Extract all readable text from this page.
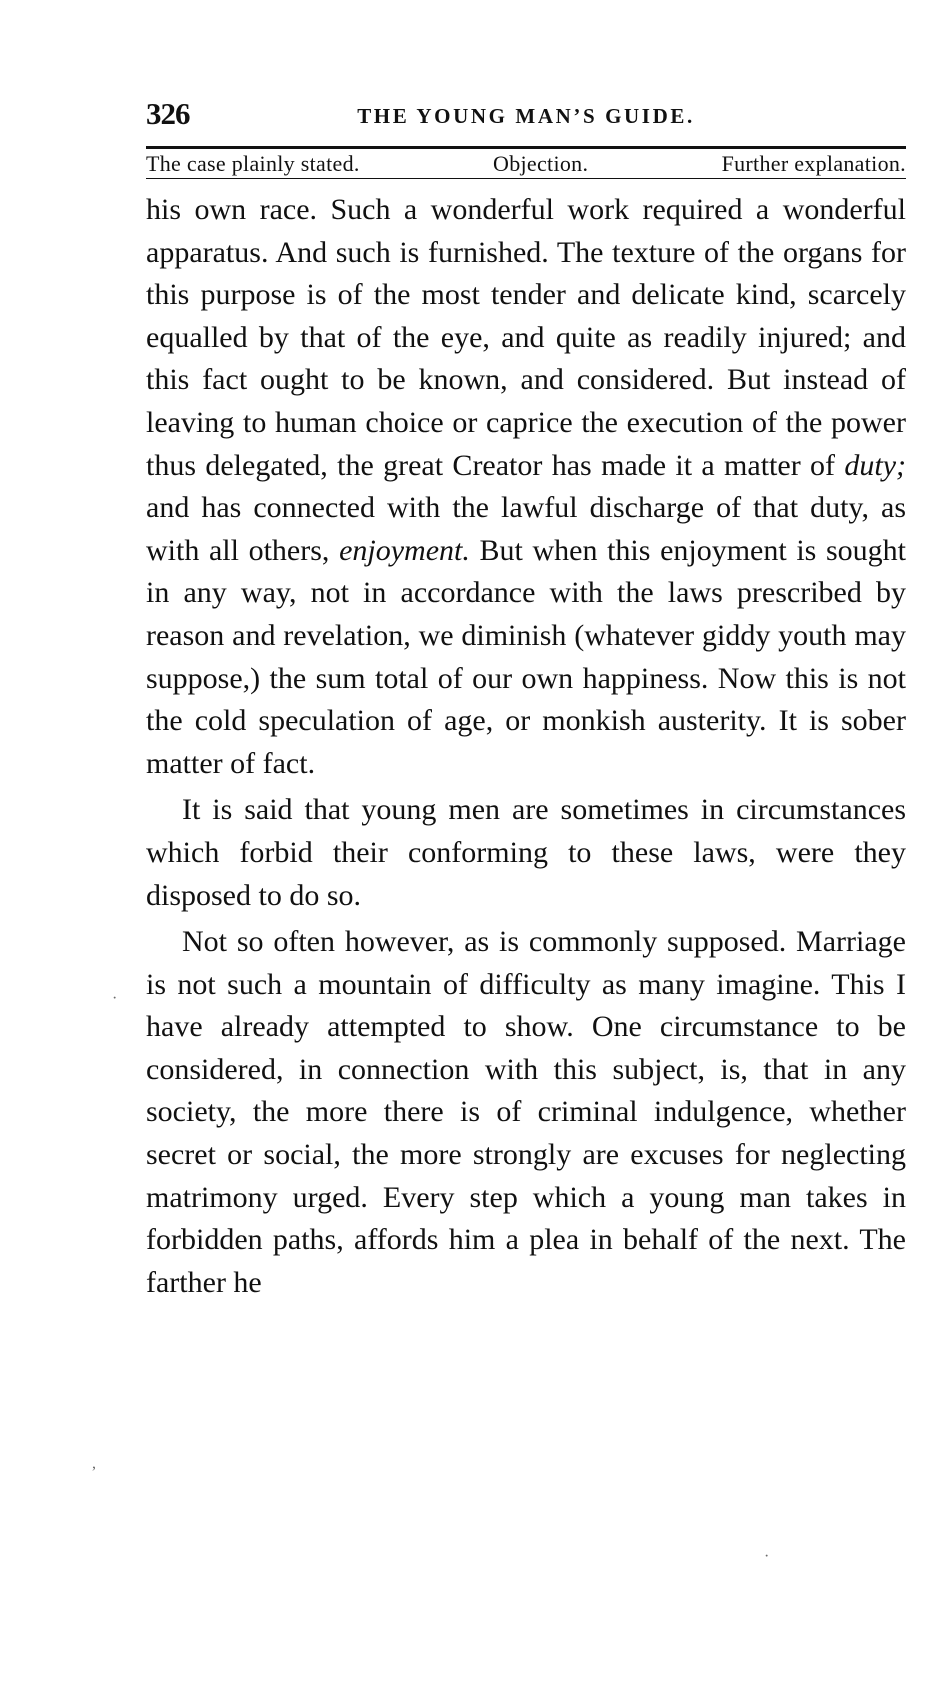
326	THE YOUNG MAN’S GUIDE.
The case plainly stated.	Objection.	Further explanation.

his own race. Such a wonderful work required a wonderful apparatus. And such is furnished. The texture of the organs for this purpose is of the most tender and delicate kind, scarcely equalled by that of the eye, and quite as readily injured; and this fact ought to be known, and considered. But instead of leaving to human choice or caprice the execution of the power thus delegated, the great Creator has made it a matter of duty; and has connected with the lawful discharge of that duty, as with all others, enjoyment. But when this enjoyment is sought in any way, not in accordance with the laws prescribed by reason and revelation, we diminish (whatever giddy youth may suppose,) the sum total of our own happiness. Now this is not the cold speculation of age, or monkish austerity. It is sober matter of fact.

It is said that young men are sometimes in circumstances which forbid their conforming to these laws, were they disposed to do so.

Not so often however, as is commonly supposed. Marriage is not such a mountain of difficulty as many imagine. This I have already attempted to show. One circumstance to be considered, in connection with this subject, is, that in any society, the more there is of criminal indulgence, whether secret or social, the more strongly are excuses for neglecting matrimony urged. Every step which a young man takes in forbidden paths, affords him a plea in behalf of the next. The farther he

·
,
·
